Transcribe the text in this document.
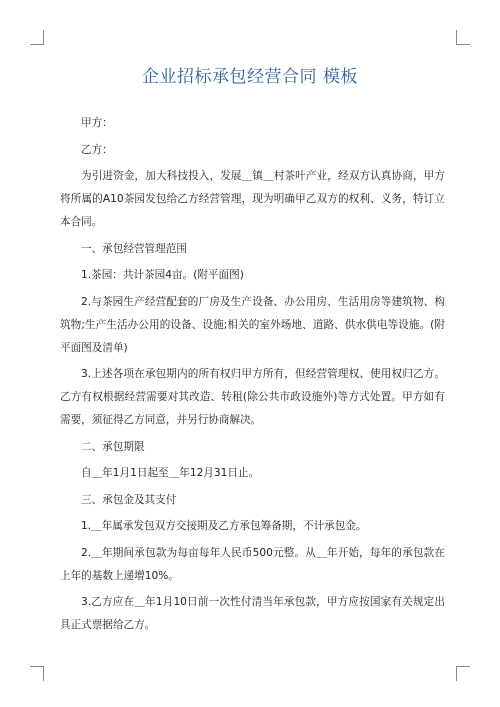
企业招标承包经营合同 模板

甲方：

乙方：

为引进资金，加大科技投入，发展＿镇＿村茶叶产业，经双方认真协商，甲方将所属的A10茶园发包给乙方经营管理，现为明确甲乙双方的权利、义务，特订立本合同。

一、承包经营管理范围

1.茶园：共计茶园4亩。(附平面图)

2.与茶园生产经营配套的厂房及生产设备、办公用房、生活用房等建筑物、构筑物;生产生活办公用的设备、设施;相关的室外场地、道路、供水供电等设施。(附平面图及清单)

3.上述各项在承包期内的所有权归甲方所有，但经营管理权、使用权归乙方。乙方有权根据经营需要对其改造、转租(除公共市政设施外)等方式处置。甲方如有需要，须征得乙方同意，并另行协商解决。

二、承包期限

自＿年1月1日起至＿年12月31日止。

三、承包金及其支付

1.＿年属承发包双方交接期及乙方承包筹备期，不计承包金。

2.＿年期间承包款为每亩每年人民币500元整。从＿年开始，每年的承包款在上年的基数上递增10%。

3.乙方应在＿年1月10日前一次性付清当年承包款，甲方应按国家有关规定出具正式票据给乙方。
